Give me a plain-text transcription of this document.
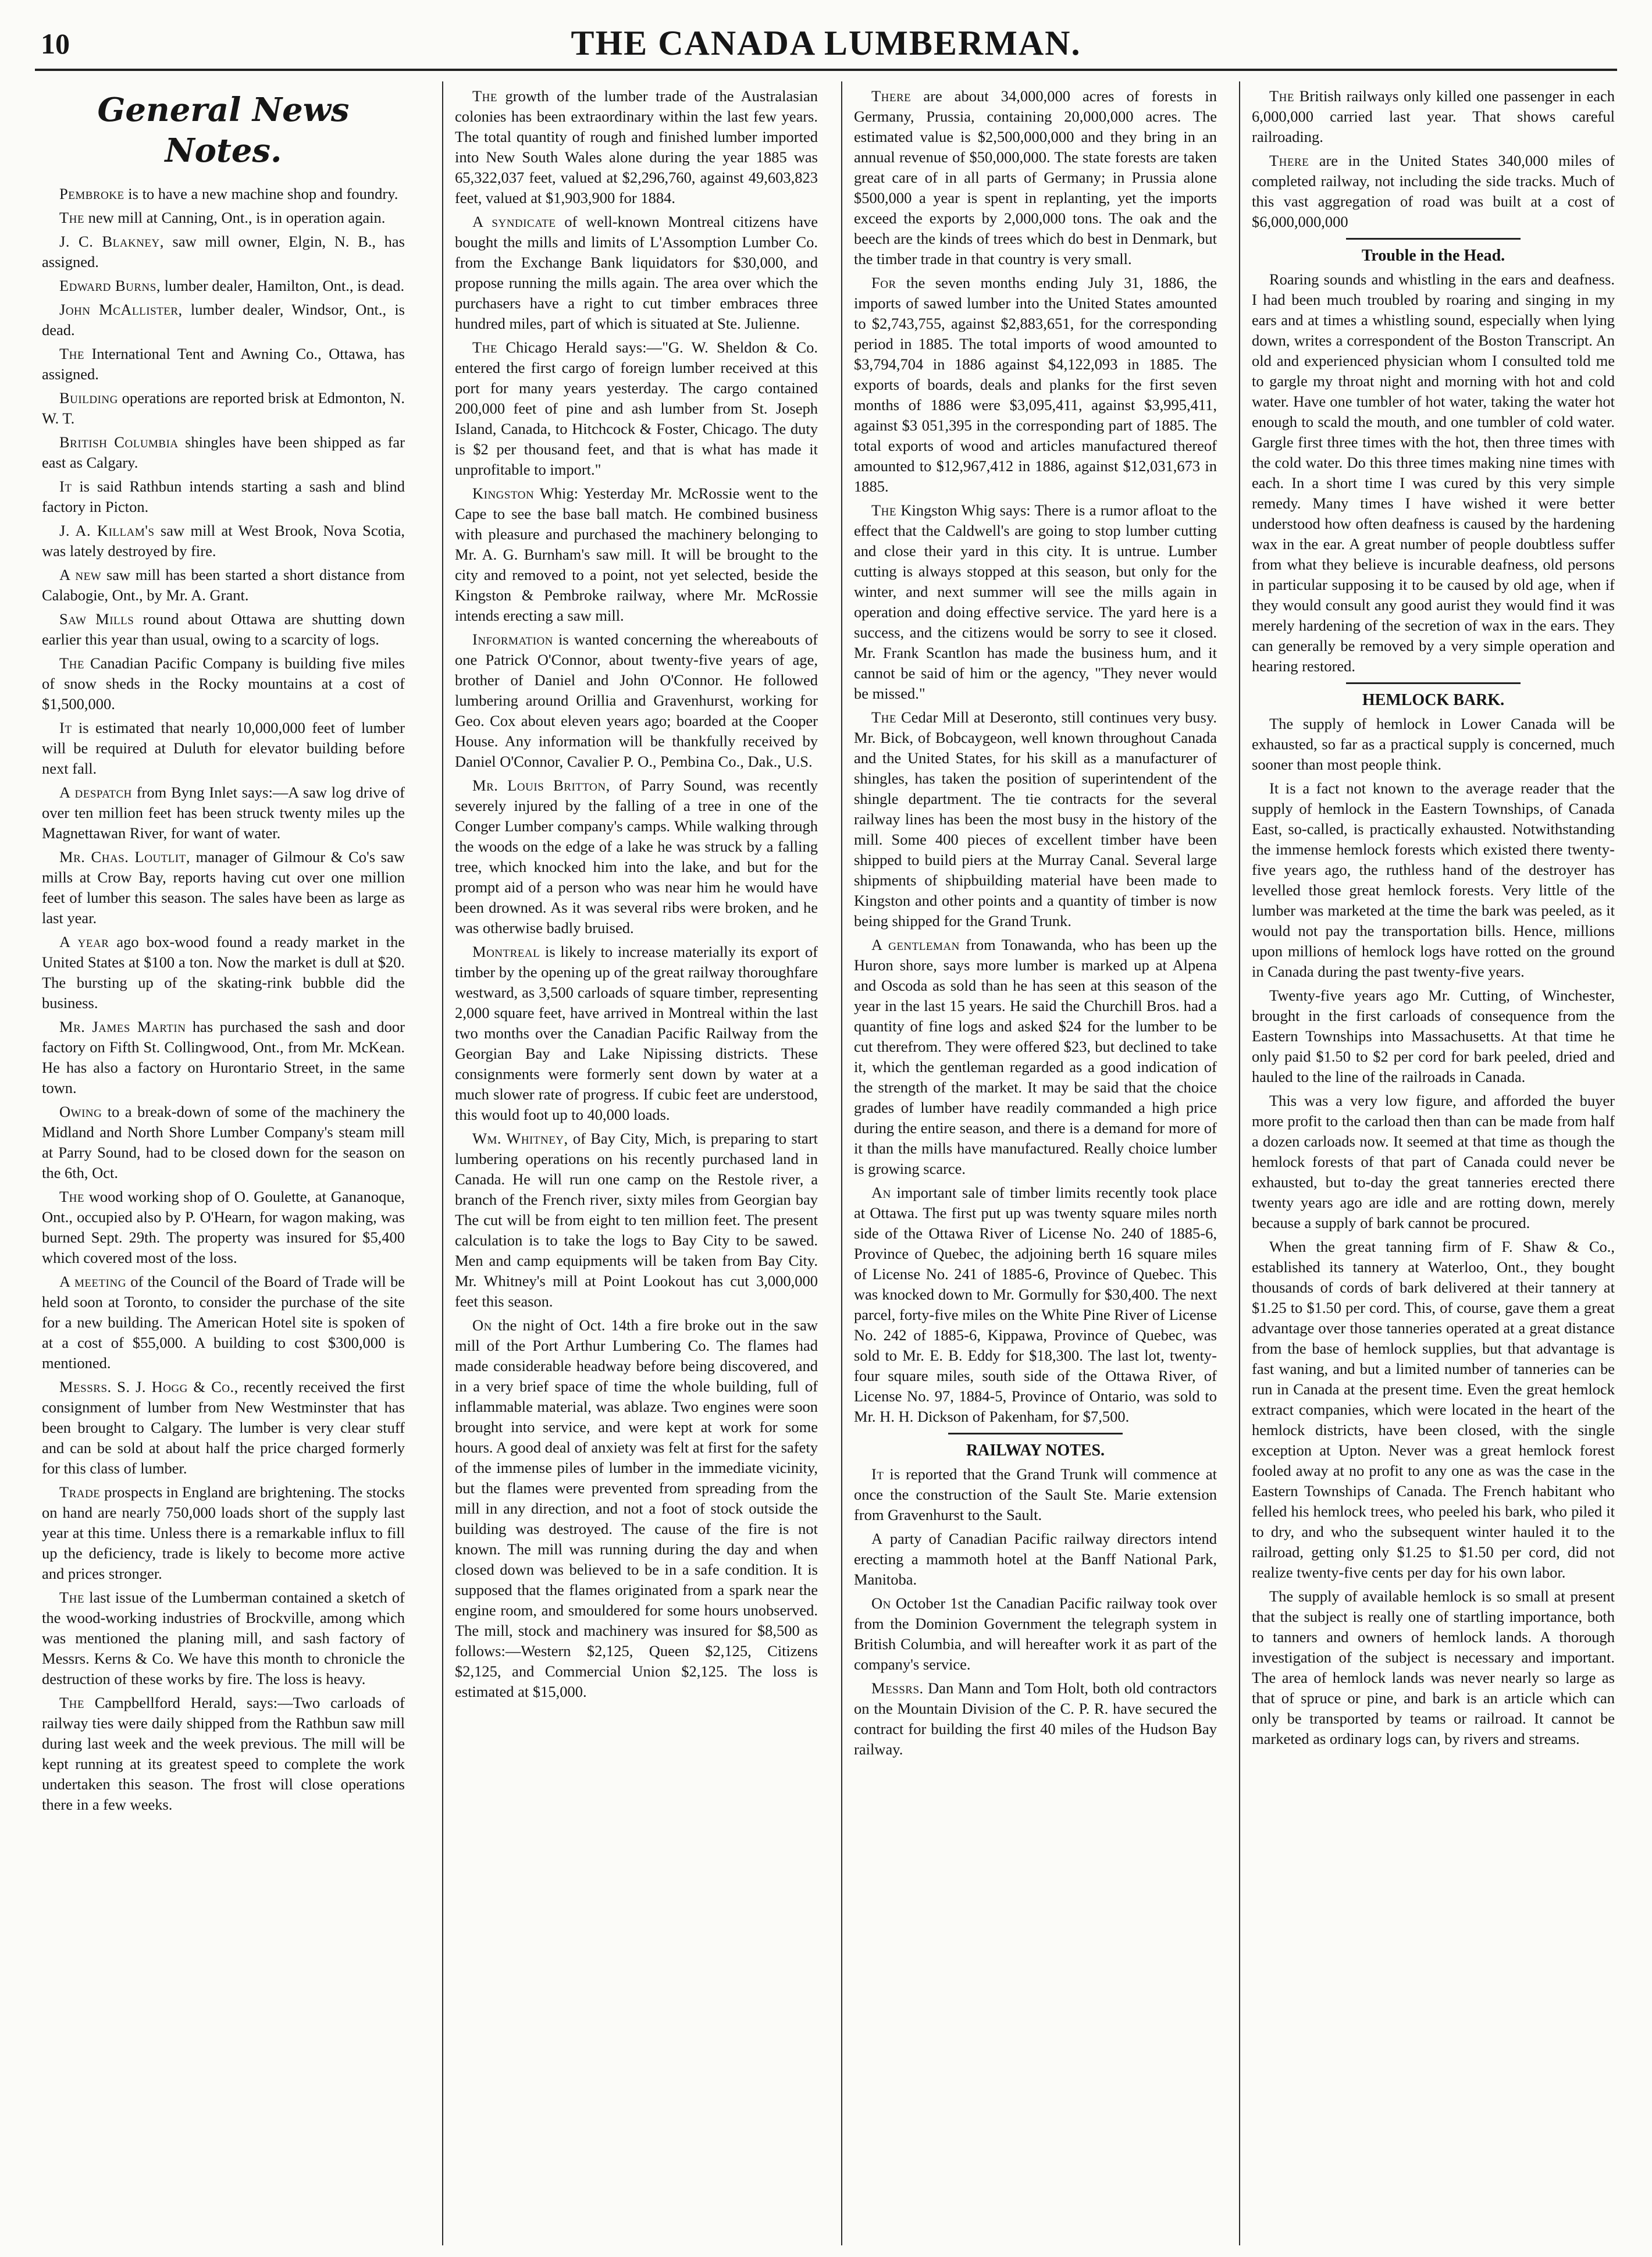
10	THE CANADA LUMBERMAN.
General News Notes.

Pembroke is to have a new machine shop and foundry.

The new mill at Canning, Ont., is in operation again.

J. C. Blakney, saw mill owner, Elgin, N. B., has assigned.

Edward Burns, lumber dealer, Hamilton, Ont., is dead.

John McAllister, lumber dealer, Windsor, Ont., is dead.

The International Tent and Awning Co., Ottawa, has assigned.

Building operations are reported brisk at Edmonton, N. W. T.

British Columbia shingles have been shipped as far east as Calgary.

It is said Rathbun intends starting a sash and blind factory in Picton.

J. A. Killam's saw mill at West Brook, Nova Scotia, was lately destroyed by fire.

A new saw mill has been started a short distance from Calabogie, Ont., by Mr. A. Grant.

Saw Mills round about Ottawa are shutting down earlier this year than usual, owing to a scarcity of logs.

The Canadian Pacific Company is building five miles of snow sheds in the Rocky mountains at a cost of $1,500,000.

It is estimated that nearly 10,000,000 feet of lumber will be required at Duluth for elevator building before next fall.

A despatch from Byng Inlet says:—A saw log drive of over ten million feet has been struck twenty miles up the Magnettawan River, for want of water.

Mr. Chas. Loutlit, manager of Gilmour & Co's saw mills at Crow Bay, reports having cut over one million feet of lumber this season. The sales have been as large as last year.

A year ago box-wood found a ready market in the United States at $100 a ton. Now the market is dull at $20. The bursting up of the skating-rink bubble did the business.

Mr. James Martin has purchased the sash and door factory on Fifth St. Collingwood, Ont., from Mr. McKean. He has also a factory on Hurontario Street, in the same town.

Owing to a break-down of some of the machinery the Midland and North Shore Lumber Company's steam mill at Parry Sound, had to be closed down for the season on the 6th, Oct.

The wood working shop of O. Goulette, at Gananoque, Ont., occupied also by P. O'Hearn, for wagon making, was burned Sept. 29th. The property was insured for $5,400 which covered most of the loss.

A meeting of the Council of the Board of Trade will be held soon at Toronto, to consider the purchase of the site for a new building. The American Hotel site is spoken of at a cost of $55,000. A building to cost $300,000 is mentioned.

Messrs. S. J. Hogg & Co., recently received the first consignment of lumber from New Westminster that has been brought to Calgary. The lumber is very clear stuff and can be sold at about half the price charged formerly for this class of lumber.

Trade prospects in England are brightening. The stocks on hand are nearly 750,000 loads short of the supply last year at this time. Unless there is a remarkable influx to fill up the deficiency, trade is likely to become more active and prices stronger.

The last issue of the Lumberman contained a sketch of the wood-working industries of Brockville, among which was mentioned the planing mill, and sash factory of Messrs. Kerns & Co. We have this month to chronicle the destruction of these works by fire. The loss is heavy.

The Campbellford Herald, says:—Two carloads of railway ties were daily shipped from the Rathbun saw mill during last week and the week previous. The mill will be kept running at its greatest speed to complete the work undertaken this season. The frost will close operations there in a few weeks.

The growth of the lumber trade of the Australasian colonies has been extraordinary within the last few years. The total quantity of rough and finished lumber imported into New South Wales alone during the year 1885 was 65,322,037 feet, valued at $2,296,760, against 49,603,823 feet, valued at $1,903,900 for 1884.

A syndicate of well-known Montreal citizens have bought the mills and limits of L'Assomption Lumber Co. from the Exchange Bank liquidators for $30,000, and propose running the mills again. The area over which the purchasers have a right to cut timber embraces three hundred miles, part of which is situated at Ste. Julienne.

The Chicago Herald says:—"G. W. Sheldon & Co. entered the first cargo of foreign lumber received at this port for many years yesterday. The cargo contained 200,000 feet of pine and ash lumber from St. Joseph Island, Canada, to Hitchcock & Foster, Chicago. The duty is $2 per thousand feet, and that is what has made it unprofitable to import."

Kingston Whig: Yesterday Mr. McRossie went to the Cape to see the base ball match. He combined business with pleasure and purchased the machinery belonging to Mr. A. G. Burnham's saw mill. It will be brought to the city and removed to a point, not yet selected, beside the Kingston & Pembroke railway, where Mr. McRossie intends erecting a saw mill.

Information is wanted concerning the whereabouts of one Patrick O'Connor, about twenty-five years of age, brother of Daniel and John O'Connor. He followed lumbering around Orillia and Gravenhurst, working for Geo. Cox about eleven years ago; boarded at the Cooper House. Any information will be thankfully received by Daniel O'Connor, Cavalier P. O., Pembina Co., Dak., U.S.

Mr. Louis Britton, of Parry Sound, was recently severely injured by the falling of a tree in one of the Conger Lumber company's camps. While walking through the woods on the edge of a lake he was struck by a falling tree, which knocked him into the lake, and but for the prompt aid of a person who was near him he would have been drowned. As it was several ribs were broken, and he was otherwise badly bruised.

Montreal is likely to increase materially its export of timber by the opening up of the great railway thoroughfare westward, as 3,500 carloads of square timber, representing 2,000 square feet, have arrived in Montreal within the last two months over the Canadian Pacific Railway from the Georgian Bay and Lake Nipissing districts. These consignments were formerly sent down by water at a much slower rate of progress. If cubic feet are understood, this would foot up to 40,000 loads.

Wm. Whitney, of Bay City, Mich, is preparing to start lumbering operations on his recently purchased land in Canada. He will run one camp on the Restole river, a branch of the French river, sixty miles from Georgian bay The cut will be from eight to ten million feet. The present calculation is to take the logs to Bay City to be sawed. Men and camp equipments will be taken from Bay City. Mr. Whitney's mill at Point Lookout has cut 3,000,000 feet this season.

On the night of Oct. 14th a fire broke out in the saw mill of the Port Arthur Lumbering Co. The flames had made considerable headway before being discovered, and in a very brief space of time the whole building, full of inflammable material, was ablaze. Two engines were soon brought into service, and were kept at work for some hours. A good deal of anxiety was felt at first for the safety of the immense piles of lumber in the immediate vicinity, but the flames were prevented from spreading from the mill in any direction, and not a foot of stock outside the building was destroyed. The cause of the fire is not known. The mill was running during the day and when closed down was believed to be in a safe condition. It is supposed that the flames originated from a spark near the engine room, and smouldered for some hours unobserved. The mill, stock and machinery was insured for $8,500 as follows:—Western $2,125, Queen $2,125, Citizens $2,125, and Commercial Union $2,125. The loss is estimated at $15,000.

There are about 34,000,000 acres of forests in Germany, Prussia, containing 20,000,000 acres. The estimated value is $2,500,000,000 and they bring in an annual revenue of $50,000,000. The state forests are taken great care of in all parts of Germany; in Prussia alone $500,000 a year is spent in replanting, yet the imports exceed the exports by 2,000,000 tons. The oak and the beech are the kinds of trees which do best in Denmark, but the timber trade in that country is very small.

For the seven months ending July 31, 1886, the imports of sawed lumber into the United States amounted to $2,743,755, against $2,883,651, for the corresponding period in 1885. The total imports of wood amounted to $3,794,704 in 1886 against $4,122,093 in 1885. The exports of boards, deals and planks for the first seven months of 1886 were $3,095,411, against $3,995,411, against $3 051,395 in the corresponding part of 1885. The total exports of wood and articles manufactured thereof amounted to $12,967,412 in 1886, against $12,031,673 in 1885.

The Kingston Whig says: There is a rumor afloat to the effect that the Caldwell's are going to stop lumber cutting and close their yard in this city. It is untrue. Lumber cutting is always stopped at this season, but only for the winter, and next summer will see the mills again in operation and doing effective service. The yard here is a success, and the citizens would be sorry to see it closed. Mr. Frank Scantlon has made the business hum, and it cannot be said of him or the agency, "They never would be missed."

The Cedar Mill at Deseronto, still continues very busy. Mr. Bick, of Bobcaygeon, well known throughout Canada and the United States, for his skill as a manufacturer of shingles, has taken the position of superintendent of the shingle department. The tie contracts for the several railway lines has been the most busy in the history of the mill. Some 400 pieces of excellent timber have been shipped to build piers at the Murray Canal. Several large shipments of shipbuilding material have been made to Kingston and other points and a quantity of timber is now being shipped for the Grand Trunk.

A gentleman from Tonawanda, who has been up the Huron shore, says more lumber is marked up at Alpena and Oscoda as sold than he has seen at this season of the year in the last 15 years. He said the Churchill Bros. had a quantity of fine logs and asked $24 for the lumber to be cut therefrom. They were offered $23, but declined to take it, which the gentleman regarded as a good indication of the strength of the market. It may be said that the choice grades of lumber have readily commanded a high price during the entire season, and there is a demand for more of it than the mills have manufactured. Really choice lumber is growing scarce.

An important sale of timber limits recently took place at Ottawa. The first put up was twenty square miles north side of the Ottawa River of License No. 240 of 1885-6, Province of Quebec, the adjoining berth 16 square miles of License No. 241 of 1885-6, Province of Quebec. This was knocked down to Mr. Gormully for $30,400. The next parcel, forty-five miles on the White Pine River of License No. 242 of 1885-6, Kippawa, Province of Quebec, was sold to Mr. E. B. Eddy for $18,300. The last lot, twenty-four square miles, south side of the Ottawa River, of License No. 97, 1884-5, Province of Ontario, was sold to Mr. H. H. Dickson of Pakenham, for $7,500.

RAILWAY NOTES.

It is reported that the Grand Trunk will commence at once the construction of the Sault Ste. Marie extension from Gravenhurst to the Sault.

A party of Canadian Pacific railway directors intend erecting a mammoth hotel at the Banff National Park, Manitoba.

On October 1st the Canadian Pacific railway took over from the Dominion Government the telegraph system in British Columbia, and will hereafter work it as part of the company's service.

Messrs. Dan Mann and Tom Holt, both old contractors on the Mountain Division of the C. P. R. have secured the contract for building the first 40 miles of the Hudson Bay railway.

The British railways only killed one passenger in each 6,000,000 carried last year. That shows careful railroading.

There are in the United States 340,000 miles of completed railway, not including the side tracks. Much of this vast aggregation of road was built at a cost of $6,000,000,000

Trouble in the Head.

Roaring sounds and whistling in the ears and deafness. I had been much troubled by roaring and singing in my ears and at times a whistling sound, especially when lying down, writes a correspondent of the Boston Transcript. An old and experienced physician whom I consulted told me to gargle my throat night and morning with hot and cold water. Have one tumbler of hot water, taking the water hot enough to scald the mouth, and one tumbler of cold water. Gargle first three times with the hot, then three times with the cold water. Do this three times making nine times with each. In a short time I was cured by this very simple remedy. Many times I have wished it were better understood how often deafness is caused by the hardening wax in the ear. A great number of people doubtless suffer from what they believe is incurable deafness, old persons in particular supposing it to be caused by old age, when if they would consult any good aurist they would find it was merely hardening of the secretion of wax in the ears. They can generally be removed by a very simple operation and hearing restored.

HEMLOCK BARK.

The supply of hemlock in Lower Canada will be exhausted, so far as a practical supply is concerned, much sooner than most people think.

It is a fact not known to the average reader that the supply of hemlock in the Eastern Townships, of Canada East, so-called, is practically exhausted. Notwithstanding the immense hemlock forests which existed there twenty-five years ago, the ruthless hand of the destroyer has levelled those great hemlock forests. Very little of the lumber was marketed at the time the bark was peeled, as it would not pay the transportation bills. Hence, millions upon millions of hemlock logs have rotted on the ground in Canada during the past twenty-five years.

Twenty-five years ago Mr. Cutting, of Winchester, brought in the first carloads of consequence from the Eastern Townships into Massachusetts. At that time he only paid $1.50 to $2 per cord for bark peeled, dried and hauled to the line of the railroads in Canada.

This was a very low figure, and afforded the buyer more profit to the carload then than can be made from half a dozen carloads now. It seemed at that time as though the hemlock forests of that part of Canada could never be exhausted, but to-day the great tanneries erected there twenty years ago are idle and are rotting down, merely because a supply of bark cannot be procured.

When the great tanning firm of F. Shaw & Co., established its tannery at Waterloo, Ont., they bought thousands of cords of bark delivered at their tannery at $1.25 to $1.50 per cord. This, of course, gave them a great advantage over those tanneries operated at a great distance from the base of hemlock supplies, but that advantage is fast waning, and but a limited number of tanneries can be run in Canada at the present time. Even the great hemlock extract companies, which were located in the heart of the hemlock districts, have been closed, with the single exception at Upton. Never was a great hemlock forest fooled away at no profit to any one as was the case in the Eastern Townships of Canada. The French habitant who felled his hemlock trees, who peeled his bark, who piled it to dry, and who the subsequent winter hauled it to the railroad, getting only $1.25 to $1.50 per cord, did not realize twenty-five cents per day for his own labor.

The supply of available hemlock is so small at present that the subject is really one of startling importance, both to tanners and owners of hemlock lands. A thorough investigation of the subject is necessary and important. The area of hemlock lands was never nearly so large as that of spruce or pine, and bark is an article which can only be transported by teams or railroad. It cannot be marketed as ordinary logs can, by rivers and streams.
